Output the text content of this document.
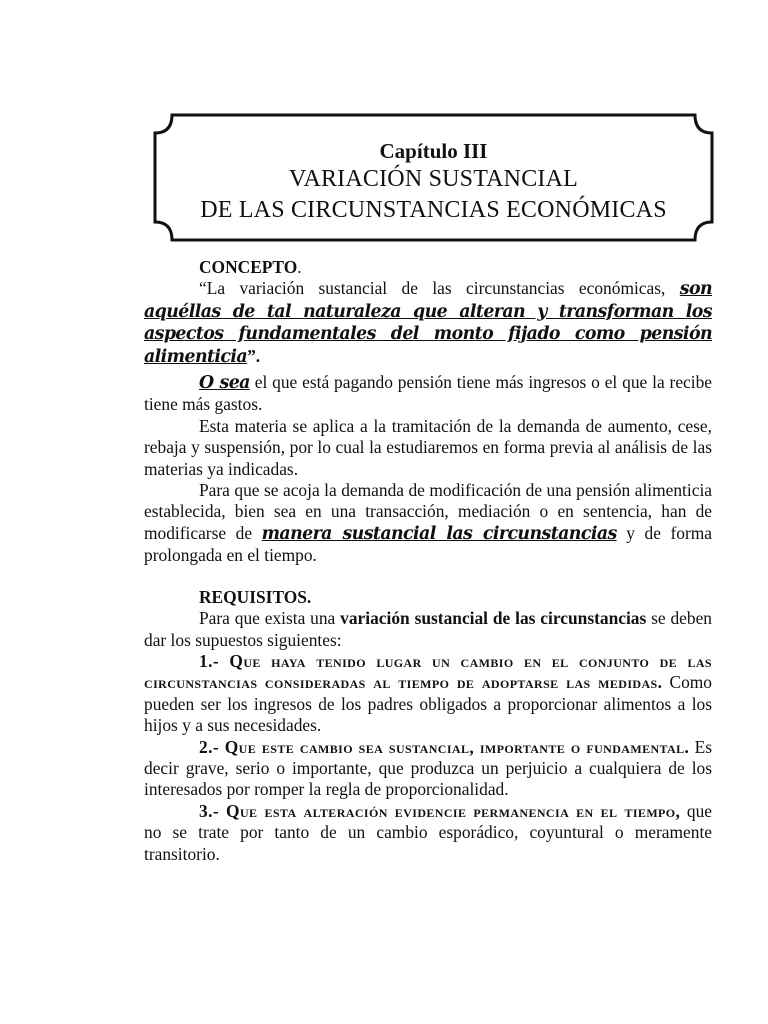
Capítulo III
VARIACIÓN SUSTANCIAL
DE LAS CIRCUNSTANCIAS ECONÓMICAS

CONCEPTO.

“La variación sustancial de las circunstancias económicas, son aquéllas de tal naturaleza que alteran y transforman los aspectos fundamentales del monto fijado como pensión alimenticia”.

O sea el que está pagando pensión tiene más ingresos o el que la recibe tiene más gastos.

Esta materia se aplica a la tramitación de la demanda de aumento, cese, rebaja y suspensión, por lo cual la estudiaremos en forma previa al análisis de las materias ya indicadas.

Para que se acoja la demanda de modificación de una pensión alimenticia establecida, bien sea en una transacción, mediación o en sentencia, han de modificarse de manera sustancial las circunstancias y de forma prolongada en el tiempo.

REQUISITOS.

Para que exista una variación sustancial de las circunstancias se deben dar los supuestos siguientes:

1.- Que haya tenido lugar un cambio en el conjunto de las circunstancias consideradas al tiempo de adoptarse las medidas. Como pueden ser los ingresos de los padres obligados a proporcionar alimentos a los hijos y a sus necesidades.

2.- Que este cambio sea sustancial, importante o fundamental. Es decir grave, serio o importante, que produzca un perjuicio a cualquiera de los interesados por romper la regla de proporcionalidad.

3.- Que esta alteración evidencie permanencia en el tiempo, que no se trate por tanto de un cambio esporádico, coyuntural o meramente transitorio.
